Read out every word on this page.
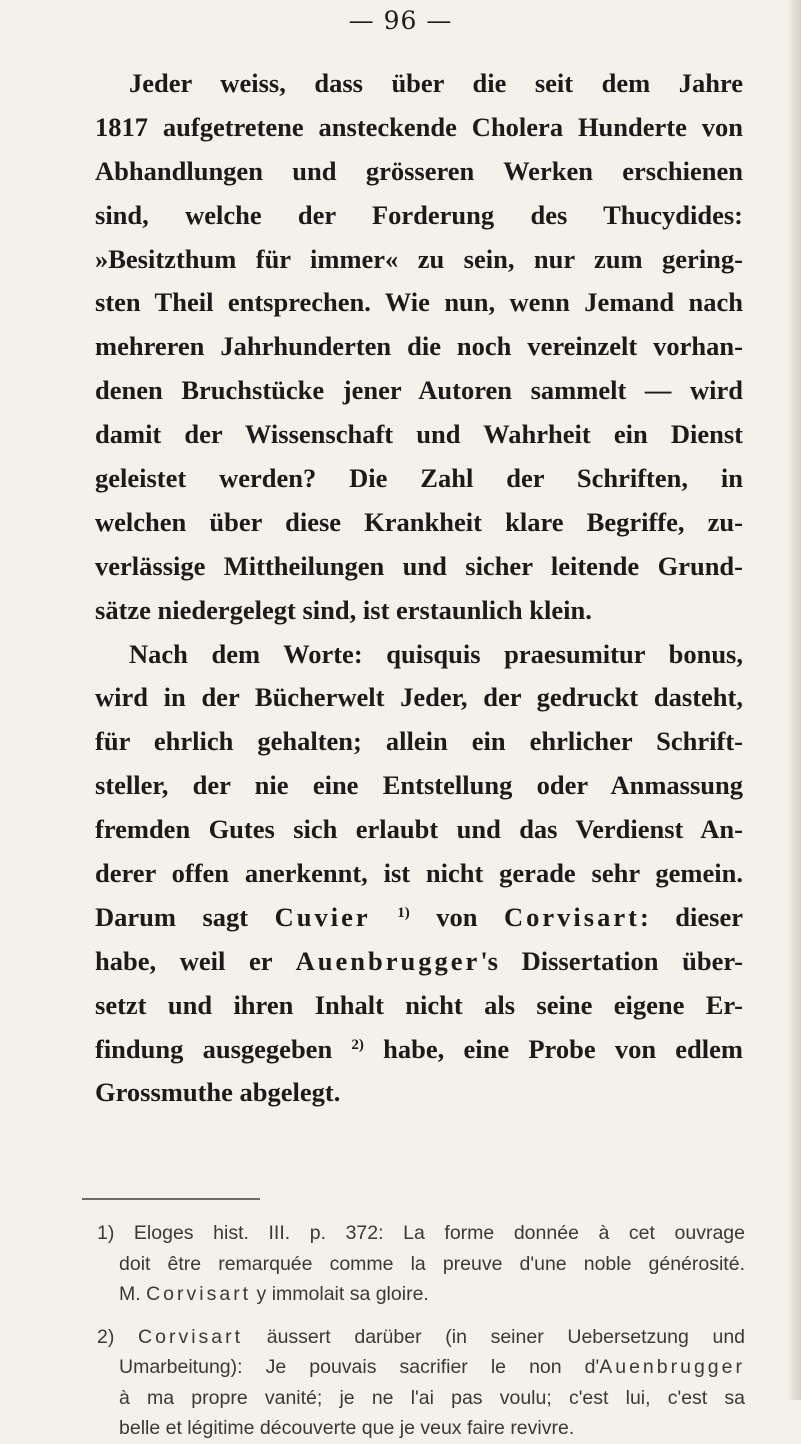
— 96 —
Jeder weiss, dass über die seit dem Jahre
1817 aufgetretene ansteckende Cholera Hunderte von
Abhandlungen und grösseren Werken erschienen
sind, welche der Forderung des Thucydides:
»Besitzthum für immer« zu sein, nur zum gering-
sten Theil entsprechen. Wie nun, wenn Jemand nach
mehreren Jahrhunderten die noch vereinzelt vorhan-
denen Bruchstücke jener Autoren sammelt — wird
damit der Wissenschaft und Wahrheit ein Dienst
geleistet werden? Die Zahl der Schriften, in
welchen über diese Krankheit klare Begriffe, zu-
verlässige Mittheilungen und sicher leitende Grund-
sätze niedergelegt sind, ist erstaunlich klein.
Nach dem Worte: quisquis praesumitur bonus,
wird in der Bücherwelt Jeder, der gedruckt dasteht,
für ehrlich gehalten; allein ein ehrlicher Schrift-
steller, der nie eine Entstellung oder Anmassung
fremden Gutes sich erlaubt und das Verdienst An-
derer offen anerkennt, ist nicht gerade sehr gemein.
Darum sagt Cuvier $^{1)}$ von Corvisart: dieser
habe, weil er Auenbrugger's Dissertation über-
setzt und ihren Inhalt nicht als seine eigene Er-
findung ausgegeben $^{2)}$ habe, eine Probe von edlem
Grossmuthe abgelegt.
1) Eloges hist. III. p. 372: La forme donnée à cet ouvrage
doit être remarquée comme la preuve d'une noble générosité.
M. Corvisart y immolait sa gloire.
2) Corvisart äussert darüber (in seiner Uebersetzung und
Umarbeitung): Je pouvais sacrifier le non d'Auenbrugger
à ma propre vanité; je ne l'ai pas voulu; c'est lui, c'est sa
belle et légitime découverte que je veux faire revivre.
